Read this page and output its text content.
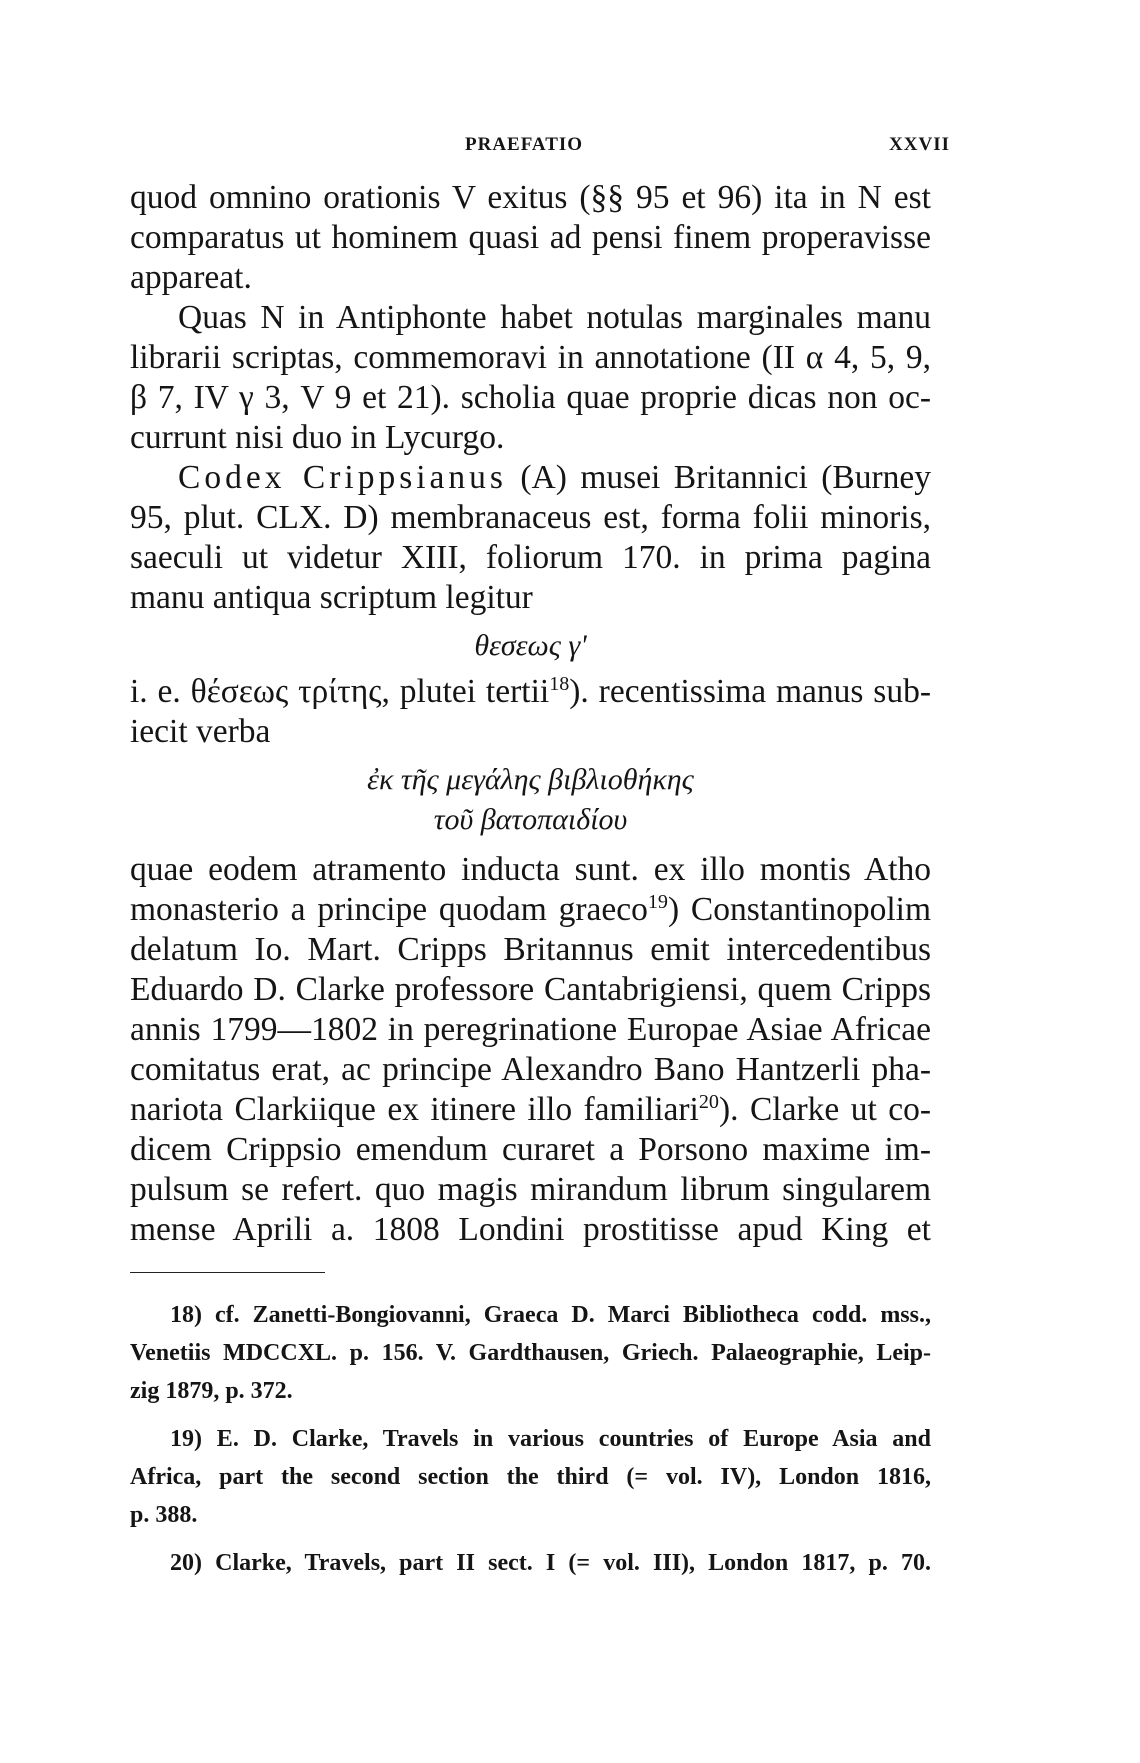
PRAEFATIO	XXVII
quod omnino orationis V exitus (§§ 95 et 96) ita in N est
comparatus ut hominem quasi ad pensi finem properavisse
appareat.
Quas N in Antiphonte habet notulas marginales manu
librarii scriptas, commemoravi in annotatione (II α 4, 5, 9,
β 7, IV γ 3, V 9 et 21). scholia quae proprie dicas non oc-
currunt nisi duo in Lycurgo.
Codex Crippsianus (A) musei Britannici (Burney
95, plut. CLX. D) membranaceus est, forma folii minoris,
saeculi ut videtur XIII, foliorum 170. in prima pagina
manu antiqua scriptum legitur
θεσεως γ'
i. e. θέσεως τρίτης, plutei tertii$^{18}$). recentissima manus sub-
iecit verba
ἐκ τῆς μεγάλης βιβλιοθήκης
τοῦ βατοπαιδίου
quae eodem atramento inducta sunt. ex illo montis Atho
monasterio a principe quodam graeco$^{19}$) Constantinopolim
delatum Io. Mart. Cripps Britannus emit intercedentibus
Eduardo D. Clarke professore Cantabrigiensi, quem Cripps
annis 1799—1802 in peregrinatione Europae Asiae Africae
comitatus erat, ac principe Alexandro Bano Hantzerli pha-
nariota Clarkiique ex itinere illo familiari$^{20}$). Clarke ut co-
dicem Crippsio emendum curaret a Porsono maxime im-
pulsum se refert. quo magis mirandum librum singularem
mense Aprili a. 1808 Londini prostitisse apud King et
18) cf. Zanetti-Bongiovanni, Graeca D. Marci Bibliotheca codd. mss.,
Venetiis MDCCXL. p. 156. V. Gardthausen, Griech. Palaeographie, Leip-
zig 1879, p. 372.
19) E. D. Clarke, Travels in various countries of Europe Asia and
Africa, part the second section the third (= vol. IV), London 1816,
p. 388.
20) Clarke, Travels, part II sect. I (= vol. III), London 1817, p. 70.
